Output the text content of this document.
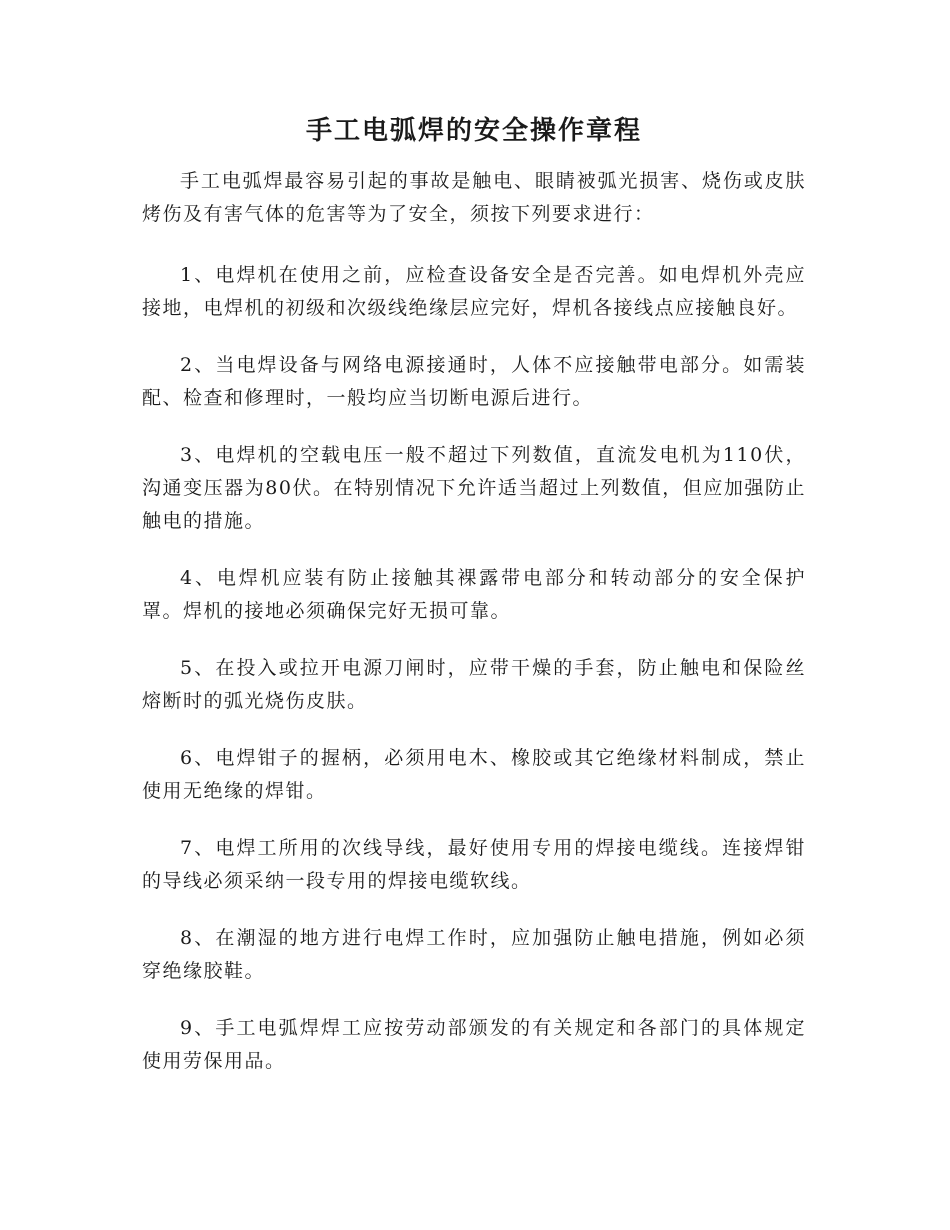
手工电弧焊的安全操作章程

手工电弧焊最容易引起的事故是触电、眼睛被弧光损害、烧伤或皮肤烤伤及有害气体的危害等为了安全，须按下列要求进行：

1、电焊机在使用之前，应检查设备安全是否完善。如电焊机外壳应接地，电焊机的初级和次级线绝缘层应完好，焊机各接线点应接触良好。

2、当电焊设备与网络电源接通时，人体不应接触带电部分。如需装配、检查和修理时，一般均应当切断电源后进行。

3、电焊机的空载电压一般不超过下列数值，直流发电机为110伏，沟通变压器为80伏。在特别情况下允许适当超过上列数值，但应加强防止触电的措施。

4、电焊机应装有防止接触其裸露带电部分和转动部分的安全保护罩。焊机的接地必须确保完好无损可靠。

5、在投入或拉开电源刀闸时，应带干燥的手套，防止触电和保险丝熔断时的弧光烧伤皮肤。

6、电焊钳子的握柄，必须用电木、橡胶或其它绝缘材料制成，禁止使用无绝缘的焊钳。

7、电焊工所用的次线导线，最好使用专用的焊接电缆线。连接焊钳的导线必须采纳一段专用的焊接电缆软线。

8、在潮湿的地方进行电焊工作时，应加强防止触电措施，例如必须穿绝缘胶鞋。

9、手工电弧焊焊工应按劳动部颁发的有关规定和各部门的具体规定使用劳保用品。
